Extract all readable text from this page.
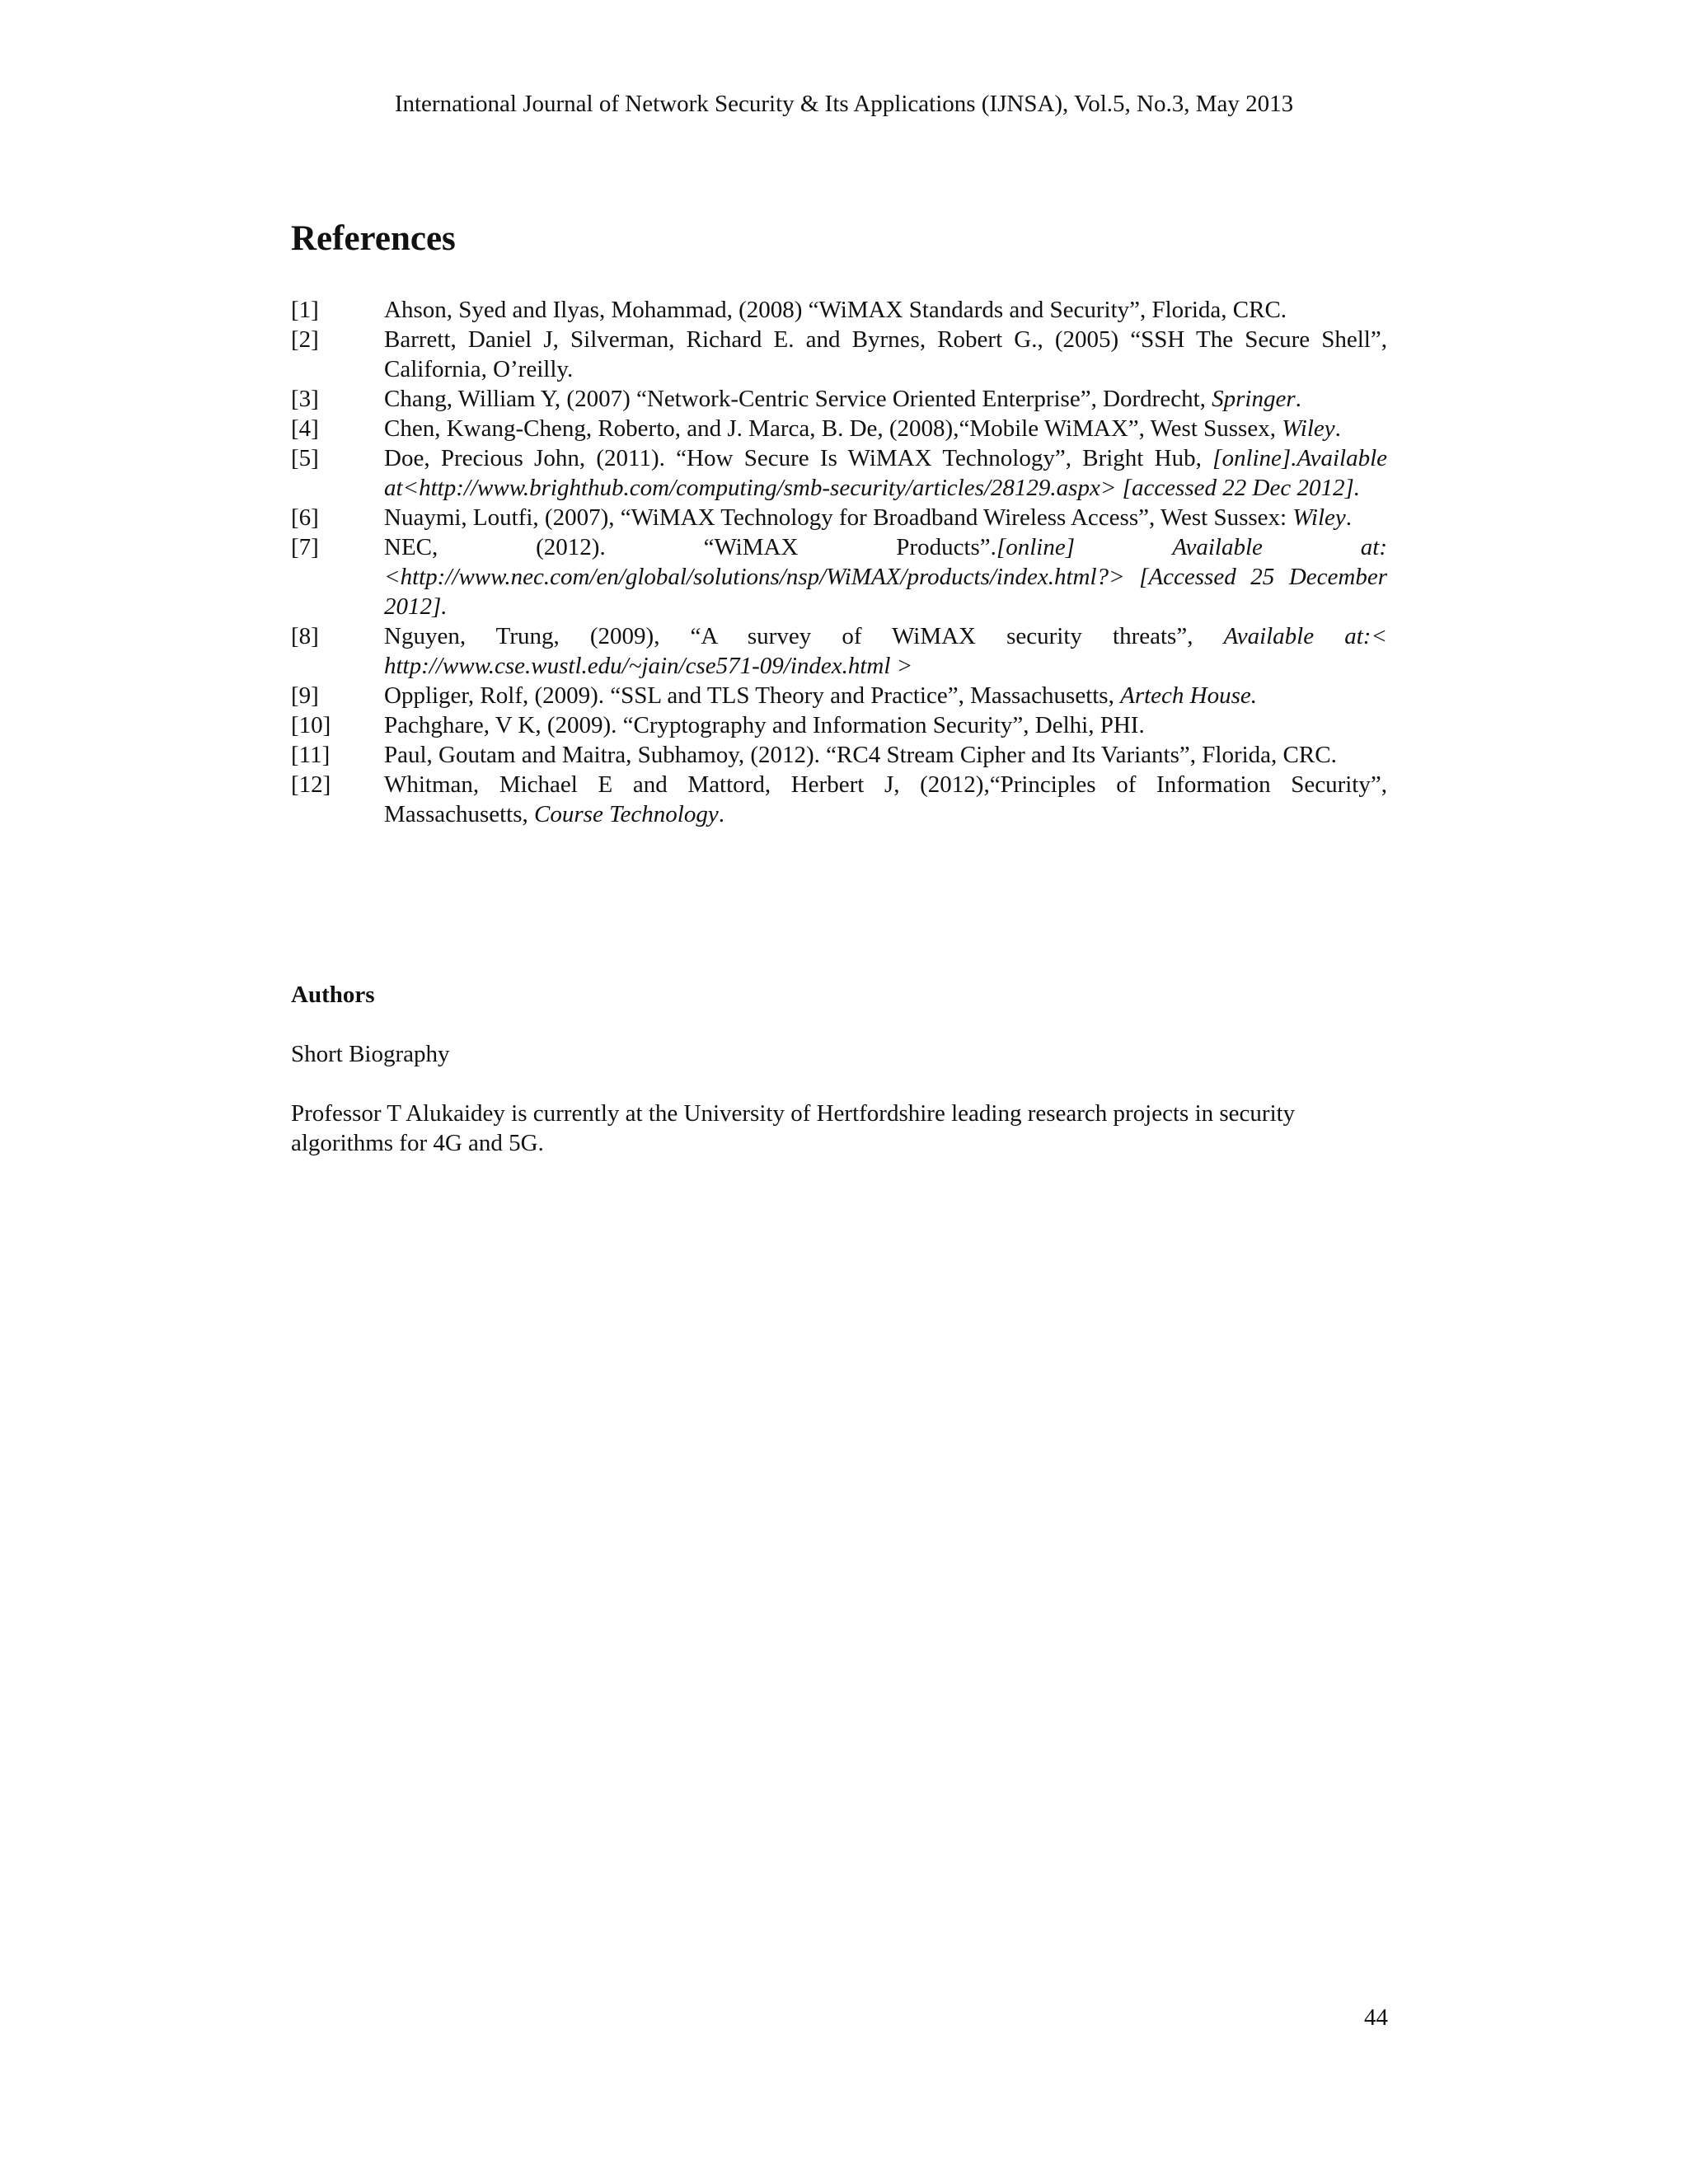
International Journal of Network Security & Its Applications (IJNSA), Vol.5, No.3, May 2013
References
[1]	Ahson, Syed and Ilyas, Mohammad, (2008) “WiMAX Standards and Security”, Florida, CRC.
[2]	Barrett, Daniel J, Silverman, Richard E. and Byrnes, Robert G., (2005) “SSH The Secure Shell”, California, O’reilly.
[3]	Chang, William Y, (2007) “Network-Centric Service Oriented Enterprise”, Dordrecht, Springer.
[4]	Chen, Kwang-Cheng, Roberto, and J. Marca, B. De, (2008),“Mobile WiMAX”, West Sussex, Wiley.
[5]	Doe, Precious John, (2011). “How Secure Is WiMAX Technology”, Bright Hub, [online].Available at<http://www.brighthub.com/computing/smb-security/articles/28129.aspx> [accessed 22 Dec 2012].
[6]	Nuaymi, Loutfi, (2007), “WiMAX Technology for Broadband Wireless Access”, West Sussex: Wiley.
[7]	NEC, (2012). “WiMAX Products”.[online] Available at:<http://www.nec.com/en/global/solutions/nsp/WiMAX/products/index.html?> [Accessed 25 December 2012].
[8]	Nguyen, Trung, (2009), “A survey of WiMAX security threats”, Available at:< http://www.cse.wustl.edu/~jain/cse571-09/index.html >
[9]	Oppliger, Rolf, (2009). “SSL and TLS Theory and Practice”, Massachusetts, Artech House.
[10] Pachghare, V K, (2009). “Cryptography and Information Security”, Delhi, PHI.
[11] Paul, Goutam and Maitra, Subhamoy, (2012). “RC4 Stream Cipher and Its Variants”, Florida, CRC.
[12] Whitman, Michael E and Mattord, Herbert J, (2012),“Principles of Information Security”, Massachusetts, Course Technology.
Authors

Short Biography

Professor T Alukaidey is currently at the University of Hertfordshire leading research projects in security algorithms for 4G and 5G.

44
